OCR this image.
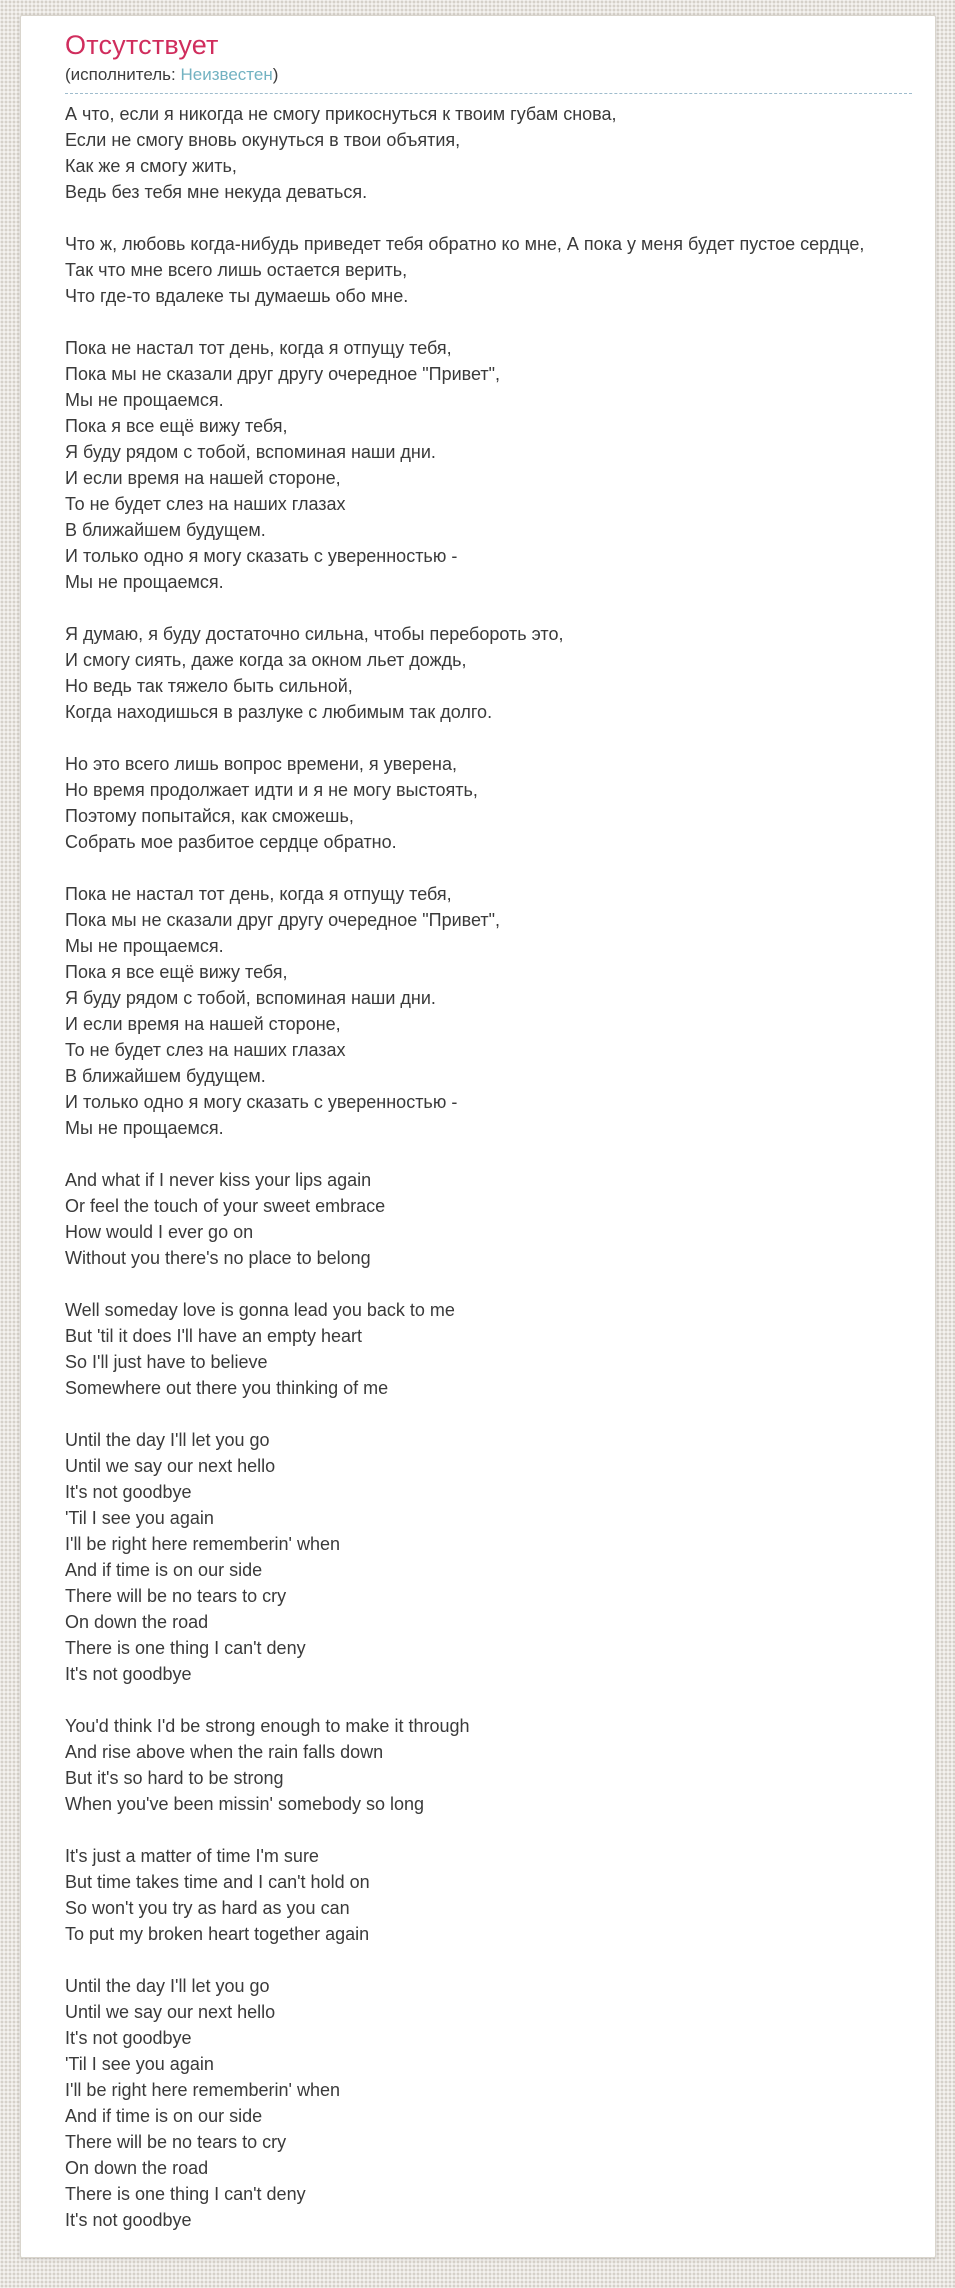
Отсутствует
(исполнитель: Неизвестен)
А что, если я никогда не смогу прикоснуться к твоим губам снова,
Если не смогу вновь окунуться в твои объятия,
Как же я смогу жить,
Ведь без тебя мне некуда деваться.
Что ж, любовь когда-нибудь приведет тебя обратно ко мне, А пока у меня будет пустое сердце,
Так что мне всего лишь остается верить,
Что где-то вдалеке ты думаешь обо мне.
Пока не настал тот день, когда я отпущу тебя,
Пока мы не сказали друг другу очередное "Привет",
Мы не прощаемся.
Пока я все ещё вижу тебя,
Я буду рядом с тобой, вспоминая наши дни.
И если время на нашей стороне,
То не будет слез на наших глазах
В ближайшем будущем.
И только одно я могу сказать с уверенностью -
Мы не прощаемся.
Я думаю, я буду достаточно сильна, чтобы перебороть это,
И смогу сиять, даже когда за окном льет дождь,
Но ведь так тяжело быть сильной,
Когда находишься в разлуке с любимым так долго.
Но это всего лишь вопрос времени, я уверена,
Но время продолжает идти и я не могу выстоять,
Поэтому попытайся, как сможешь,
Собрать мое разбитое сердце обратно.
Пока не настал тот день, когда я отпущу тебя,
Пока мы не сказали друг другу очередное "Привет",
Мы не прощаемся.
Пока я все ещё вижу тебя,
Я буду рядом с тобой, вспоминая наши дни.
И если время на нашей стороне,
То не будет слез на наших глазах
В ближайшем будущем.
И только одно я могу сказать с уверенностью -
Мы не прощаемся.
And what if I never kiss your lips again
Or feel the touch of your sweet embrace
How would I ever go on
Without you there's no place to belong
Well someday love is gonna lead you back to me
But 'til it does I'll have an empty heart
So I'll just have to believe
Somewhere out there you thinking of me
Until the day I'll let you go
Until we say our next hello
It's not goodbye
'Til I see you again
I'll be right here rememberin' when
And if time is on our side
There will be no tears to cry
On down the road
There is one thing I can't deny
It's not goodbye
You'd think I'd be strong enough to make it through
And rise above when the rain falls down
But it's so hard to be strong
When you've been missin' somebody so long
It's just a matter of time I'm sure
But time takes time and I can't hold on
So won't you try as hard as you can
To put my broken heart together again
Until the day I'll let you go
Until we say our next hello
It's not goodbye
'Til I see you again
I'll be right here rememberin' when
And if time is on our side
There will be no tears to cry
On down the road
There is one thing I can't deny
It's not goodbye
